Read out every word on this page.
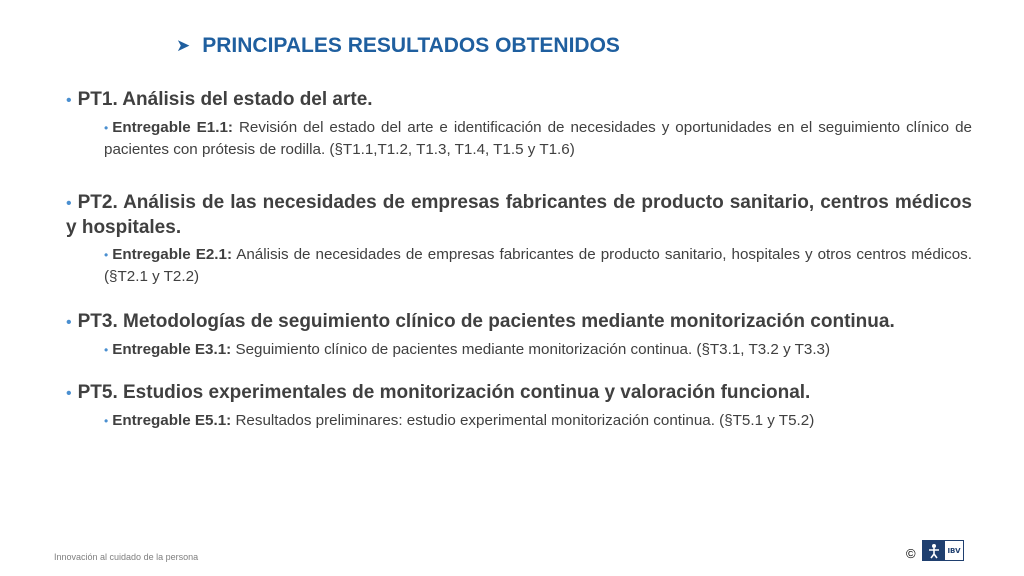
➤ PRINCIPALES RESULTADOS OBTENIDOS
• PT1. Análisis del estado del arte.
• Entregable E1.1: Revisión del estado del arte e identificación de necesidades y oportunidades en el seguimiento clínico de pacientes con prótesis de rodilla. (§T1.1,T1.2, T1.3, T1.4, T1.5 y T1.6)
• PT2. Análisis de las necesidades de empresas fabricantes de producto sanitario, centros médicos y hospitales.
• Entregable E2.1: Análisis de necesidades de empresas fabricantes de producto sanitario, hospitales y otros centros médicos. (§T2.1 y T2.2)
• PT3. Metodologías de seguimiento clínico de pacientes mediante monitorización continua.
• Entregable E3.1: Seguimiento clínico de pacientes mediante monitorización continua. (§T3.1, T3.2 y T3.3)
• PT5. Estudios experimentales de monitorización continua y valoración funcional.
• Entregable E5.1: Resultados preliminares: estudio experimental monitorización continua. (§T5.1 y T5.2)
Innovación al cuidado de la persona	©	IBV
